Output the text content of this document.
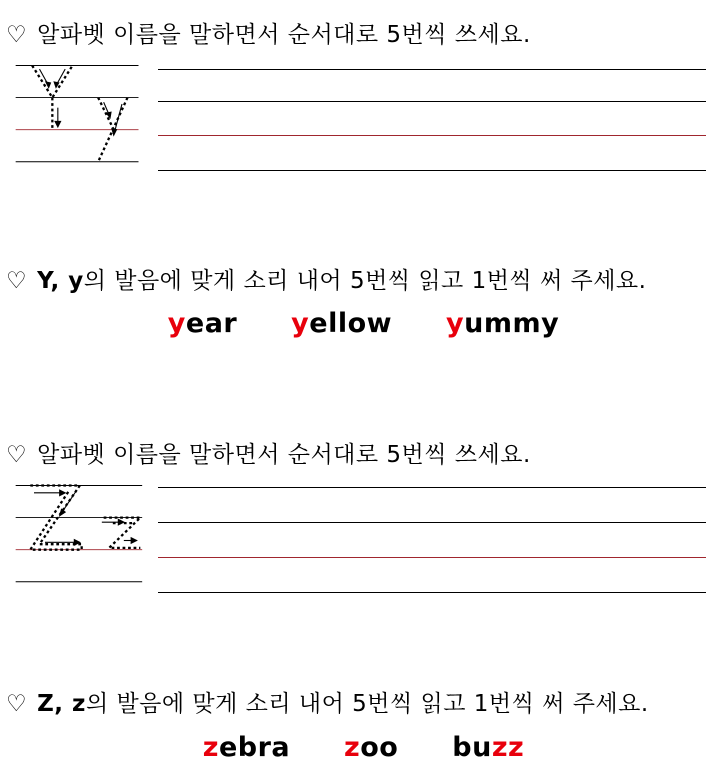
♡ 알파벳 이름을 말하면서 순서대로 5번씩 쓰세요.
♡ Y, y의 발음에 맞게 소리 내어 5번씩 읽고 1번씩 써 주세요.
year yellow yummy
♡ 알파벳 이름을 말하면서 순서대로 5번씩 쓰세요.
♡ Z, z의 발음에 맞게 소리 내어 5번씩 읽고 1번씩 써 주세요.
zebra zoo buzz
